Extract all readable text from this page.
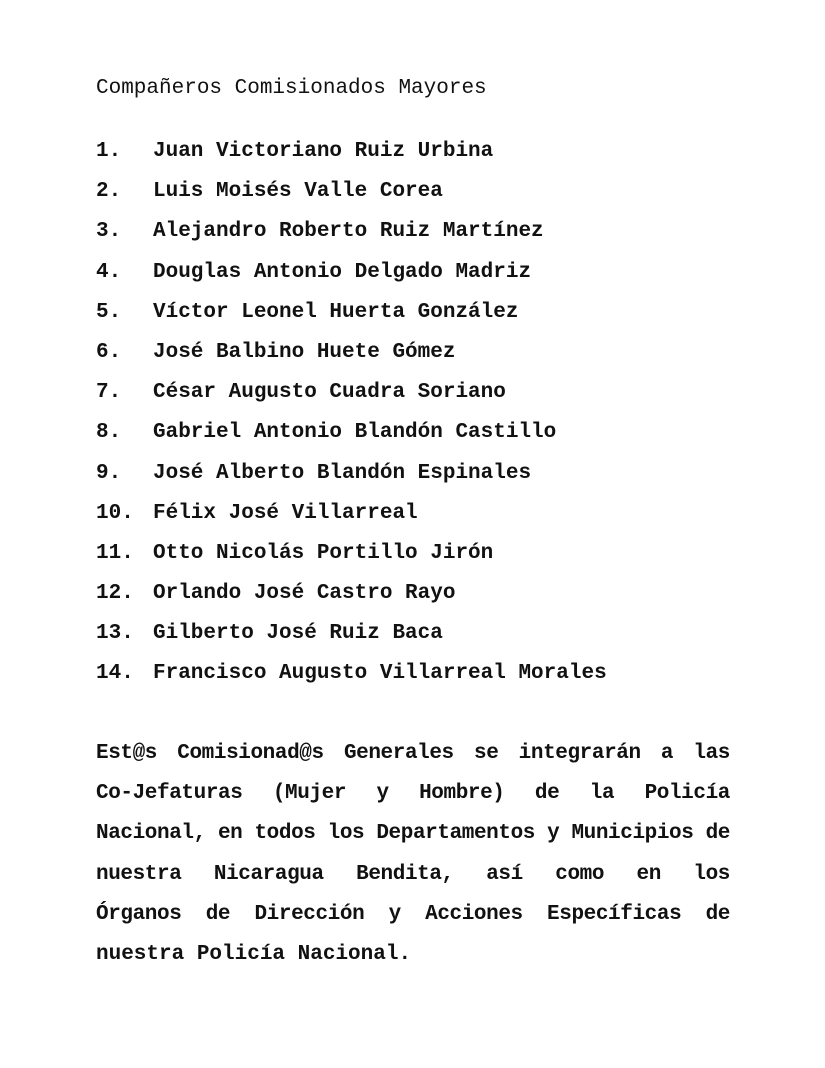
Compañeros Comisionados Mayores
1.	Juan Victoriano Ruiz Urbina
2.	Luis Moisés Valle Corea
3.	Alejandro Roberto Ruiz Martínez
4.	Douglas Antonio Delgado Madriz
5.	Víctor Leonel Huerta González
6.	José Balbino Huete Gómez
7.	César Augusto Cuadra Soriano
8.	Gabriel Antonio Blandón Castillo
9.	José Alberto Blandón Espinales
10. Félix José Villarreal
11. Otto Nicolás Portillo Jirón
12. Orlando José Castro Rayo
13. Gilberto José Ruiz Baca
14. Francisco Augusto Villarreal Morales
Est@s Comisionad@s Generales se integrarán a las
Co-Jefaturas (Mujer y Hombre) de la Policía
Nacional, en todos los Departamentos y Municipios de
nuestra Nicaragua Bendita, así como en los
Órganos de Dirección y Acciones Específicas de
nuestra Policía Nacional.
